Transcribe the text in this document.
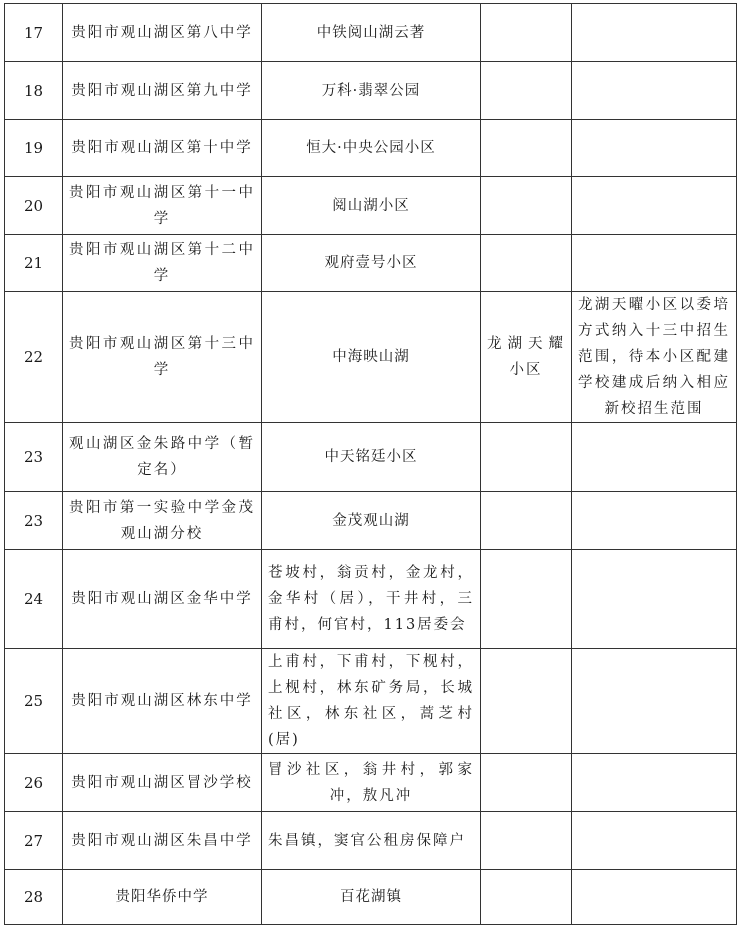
17	贵阳市观山湖区第八中学	中铁阅山湖云著		
18	贵阳市观山湖区第九中学	万科·翡翠公园		
19	贵阳市观山湖区第十中学	恒大·中央公园小区		
20	贵阳市观山湖区第十一中学	阅山湖小区		
21	贵阳市观山湖区第十二中学	观府壹号小区		
22	贵阳市观山湖区第十三中学	中海映山湖	龙湖天耀小区	龙湖天曜小区以委培方式纳入十三中招生范围，待本小区配建学校建成后纳入相应新校招生范围
23	观山湖区金朱路中学（暂定名）	中天铭廷小区		
23	贵阳市第一实验中学金茂观山湖分校	金茂观山湖		
24	贵阳市观山湖区金华中学	苍坡村，翁贡村，金龙村，金华村（居），干井村，三甫村，何官村，113居委会		
25	贵阳市观山湖区林东中学	上甫村，下甫村，下枧村，上枧村，林东矿务局，长城社区，林东社区，蒿芝村(居)		
26	贵阳市观山湖区冒沙学校	冒沙社区，翁井村，郭家冲，敖凡冲		
27	贵阳市观山湖区朱昌中学	朱昌镇，窦官公租房保障户		
28	贵阳华侨中学	百花湖镇		
